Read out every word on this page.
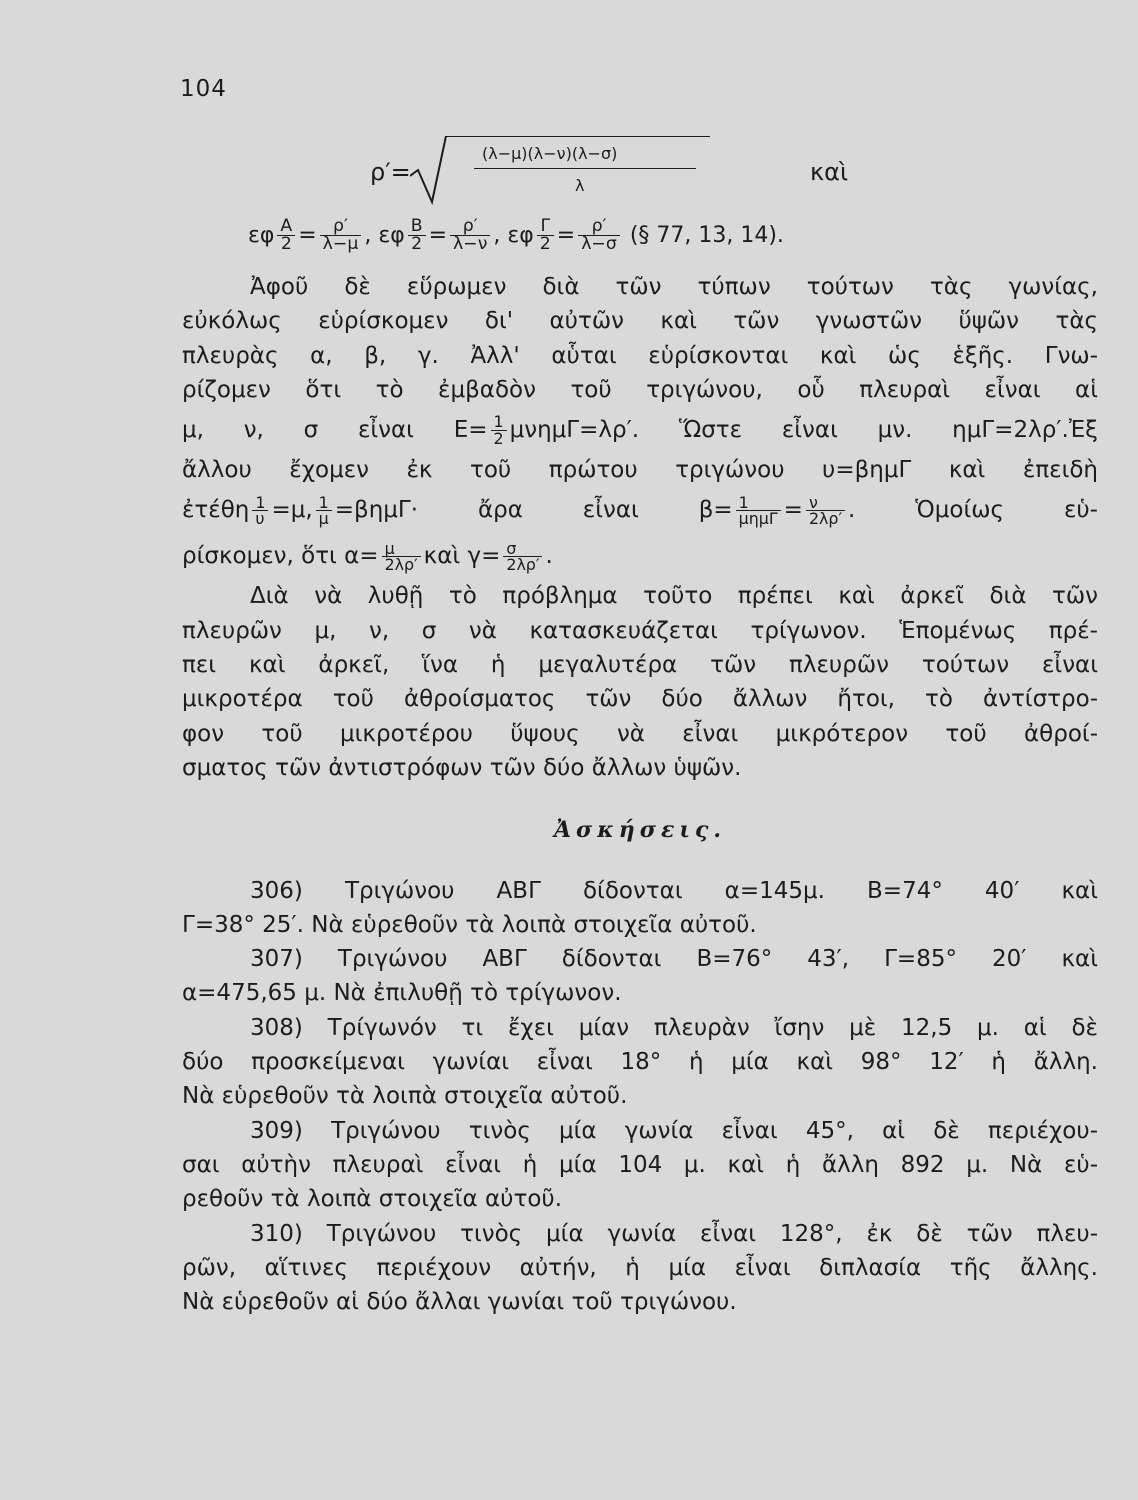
104
ρ′=
(λ−μ)(λ−ν)(λ−σ)
λ	καὶ
εφ $\frac{A}{2} = \frac{\rho'}{\lambda-\mu}$ , εφ $\frac{B}{2} = \frac{\rho'}{\lambda-\nu}$ , εφ $\frac{\Gamma}{2} = \frac{\rho'}{\lambda-\sigma}$ (§ 77, 13, 14).
Ἀφοῦ δὲ εὕρωμεν διὰ τῶν τύπων τούτων τὰς γωνίας,
εὐκόλως εὑρίσκομεν δι' αὐτῶν καὶ τῶν γνωστῶν ὕψῶν τὰς
πλευρὰς α, β, γ. Ἀλλ' αὗται εὑρίσκονται καὶ ὡς ἑξῆς. Γνω-
ρίζομεν ὅτι τὸ ἐμβαδὸν τοῦ τριγώνου, οὗ πλευραὶ εἶναι αἱ
μ, ν, σ εἶναι $E= \frac{1}{2} \mu\nu\eta\mu\Gamma=\lambda\rho'$. Ὥστε εἶναι μν. ημΓ=2λρ′.Ἐξ
ἄλλου ἔχομεν ἐκ τοῦ πρώτου τριγώνου υ=βημΓ καὶ ἐπειδὴ
ἐτέθη $\frac{1}{\upsilon} =\mu$, $\frac{1}{\mu} =\beta\eta\mu\Gamma\cdot$ ἄρα εἶναι $\beta= \frac{1}{\text{μημΓ}} = \frac{\nu}{2\lambda\rho'}$ . Ὁμοίως εὑ-
ρίσκομεν, ὅτι $\alpha= \frac{\mu}{2\lambda\rho'}$ καὶ $\gamma= \frac{\sigma}{2\lambda\rho'}$ .
Διὰ νὰ λυθῇ τὸ πρόβλημα τοῦτο πρέπει καὶ ἀρκεῖ διὰ τῶν
πλευρῶν μ, ν, σ νὰ κατασκευάζεται τρίγωνον. Ἑπομένως πρέ-
πει καὶ ἀρκεῖ, ἵνα ἡ μεγαλυτέρα τῶν πλευρῶν τούτων εἶναι
μικροτέρα τοῦ ἀθροίσματος τῶν δύο ἄλλων ἤτοι, τὸ ἀντίστρο-
φον τοῦ μικροτέρου ὕψους νὰ εἶναι μικρότερον τοῦ ἀθροί-
σματος τῶν ἀντιστρόφων τῶν δύο ἄλλων ὑψῶν.
Ἀσκήσεις.
306) Τριγώνου ΑΒΓ δίδονται α=145μ. Β=74° 40′ καὶ
Γ=38° 25′. Νὰ εὑρεθοῦν τὰ λοιπὰ στοιχεῖα αὐτοῦ.
307) Τριγώνου ΑΒΓ δίδονται Β=76° 43′, Γ=85° 20′ καὶ
α=475,65 μ. Νὰ ἐπιλυθῇ τὸ τρίγωνον.
308) Τρίγωνόν τι ἔχει μίαν πλευρὰν ἴσην μὲ 12,5 μ. αἱ δὲ
δύο προσκείμεναι γωνίαι εἶναι 18° ἡ μία καὶ 98° 12′ ἡ ἄλλη.
Νὰ εὑρεθοῦν τὰ λοιπὰ στοιχεῖα αὐτοῦ.
309) Τριγώνου τινὸς μία γωνία εἶναι 45°, αἱ δὲ περιέχου-
σαι αὐτὴν πλευραὶ εἶναι ἡ μία 104 μ. καὶ ἡ ἄλλη 892 μ. Νὰ εὑ-
ρεθοῦν τὰ λοιπὰ στοιχεῖα αὐτοῦ.
310) Τριγώνου τινὸς μία γωνία εἶναι 128°, ἐκ δὲ τῶν πλευ-
ρῶν, αἵτινες περιέχουν αὐτήν, ἡ μία εἶναι διπλασία τῆς ἄλλης.
Νὰ εὑρεθοῦν αἱ δύο ἄλλαι γωνίαι τοῦ τριγώνου.
